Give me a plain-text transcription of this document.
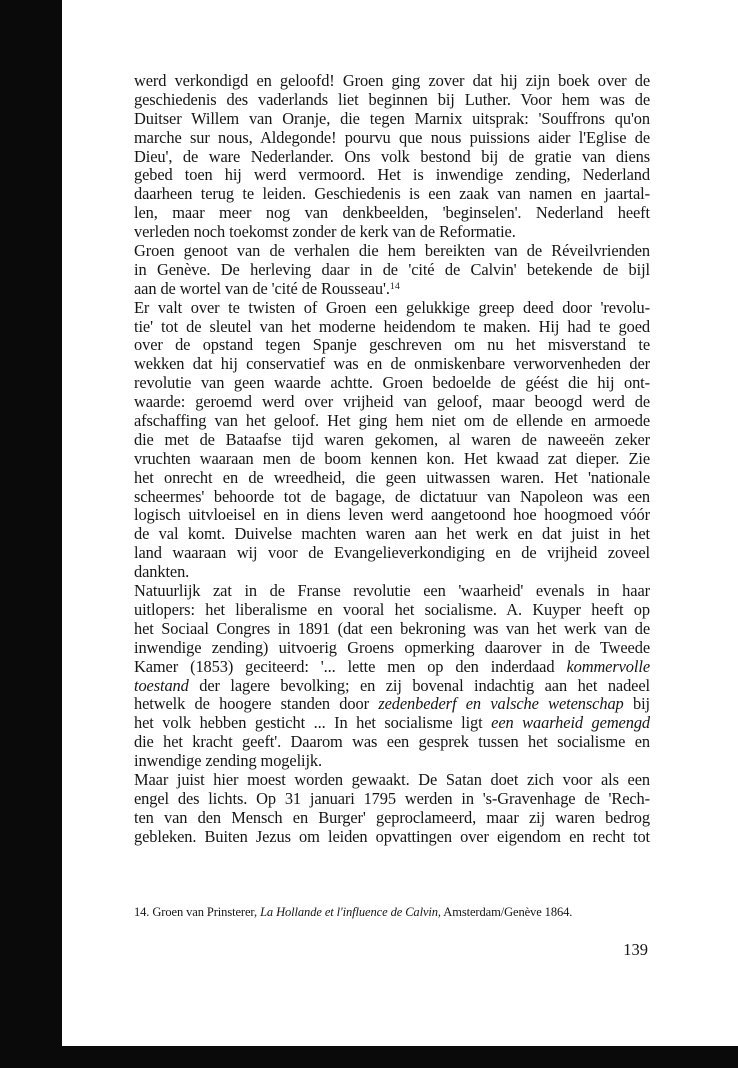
werd verkondigd en geloofd! Groen ging zover dat hij zijn boek over de
geschiedenis des vaderlands liet beginnen bij Luther. Voor hem was de
Duitser Willem van Oranje, die tegen Marnix uitsprak: 'Souffrons qu'on
marche sur nous, Aldegonde! pourvu que nous puissions aider l'Eglise de
Dieu', de ware Nederlander. Ons volk bestond bij de gratie van diens
gebed toen hij werd vermoord. Het is inwendige zending, Nederland
daarheen terug te leiden. Geschiedenis is een zaak van namen en jaartal-
len, maar meer nog van denkbeelden, 'beginselen'. Nederland heeft
verleden noch toekomst zonder de kerk van de Reformatie.
Groen genoot van de verhalen die hem bereikten van de Réveilvrienden
in Genève. De herleving daar in de 'cité de Calvin' betekende de bijl
aan de wortel van de 'cité de Rousseau'.$^{14}$
Er valt over te twisten of Groen een gelukkige greep deed door 'revolu-
tie' tot de sleutel van het moderne heidendom te maken. Hij had te goed
over de opstand tegen Spanje geschreven om nu het misverstand te
wekken dat hij conservatief was en de onmiskenbare verworvenheden der
revolutie van geen waarde achtte. Groen bedoelde de géést die hij ont-
waarde: geroemd werd over vrijheid van geloof, maar beoogd werd de
afschaffing van het geloof. Het ging hem niet om de ellende en armoede
die met de Bataafse tijd waren gekomen, al waren de naweeën zeker
vruchten waaraan men de boom kennen kon. Het kwaad zat dieper. Zie
het onrecht en de wreedheid, die geen uitwassen waren. Het 'nationale
scheermes' behoorde tot de bagage, de dictatuur van Napoleon was een
logisch uitvloeisel en in diens leven werd aangetoond hoe hoogmoed vóór
de val komt. Duivelse machten waren aan het werk en dat juist in het
land waaraan wij voor de Evangelieverkondiging en de vrijheid zoveel
dankten.
Natuurlijk zat in de Franse revolutie een 'waarheid' evenals in haar
uitlopers: het liberalisme en vooral het socialisme. A. Kuyper heeft op
het Sociaal Congres in 1891 (dat een bekroning was van het werk van de
inwendige zending) uitvoerig Groens opmerking daarover in de Tweede
Kamer (1853) geciteerd: '... lette men op den inderdaad kommervolle
toestand der lagere bevolking; en zij bovenal indachtig aan het nadeel
hetwelk de hoogere standen door zedenbederf en valsche wetenschap bij
het volk hebben gesticht ... In het socialisme ligt een waarheid gemengd
die het kracht geeft'. Daarom was een gesprek tussen het socialisme en
inwendige zending mogelijk.
Maar juist hier moest worden gewaakt. De Satan doet zich voor als een
engel des lichts. Op 31 januari 1795 werden in 's-Gravenhage de 'Rech-
ten van den Mensch en Burger' geproclameerd, maar zij waren bedrog
gebleken. Buiten Jezus om leiden opvattingen over eigendom en recht tot
14. Groen van Prinsterer, La Hollande et l'influence de Calvin, Amsterdam/Genève 1864.
139
